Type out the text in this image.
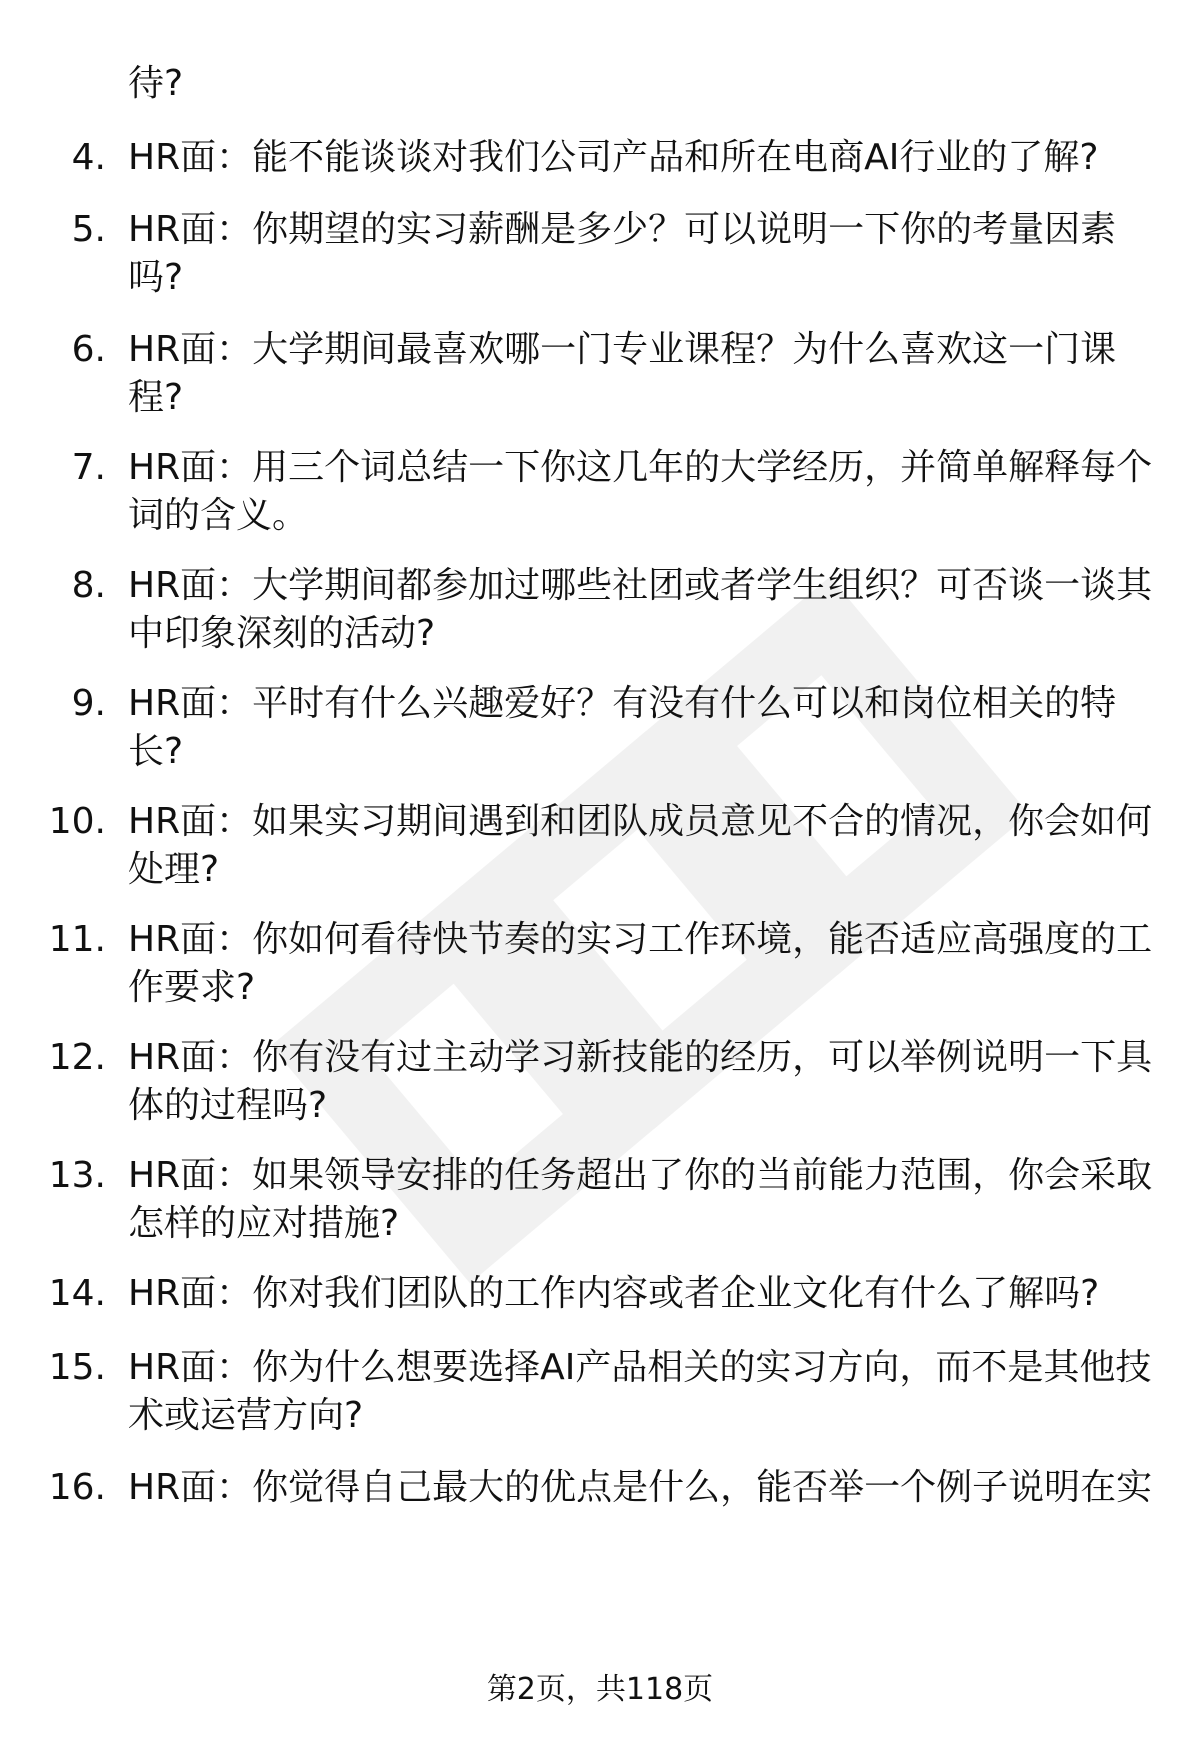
待?

4. HR面：能不能谈谈对我们公司产品和所在电商AI行业的了解?

5. HR面：你期望的实习薪酬是多少？可以说明一下你的考量因素吗?

6. HR面：大学期间最喜欢哪一门专业课程？为什么喜欢这一门课程?

7. HR面：用三个词总结一下你这几年的大学经历，并简单解释每个词的含义。

8. HR面：大学期间都参加过哪些社团或者学生组织？可否谈一谈其中印象深刻的活动?

9. HR面：平时有什么兴趣爱好？有没有什么可以和岗位相关的特长?

10. HR面：如果实习期间遇到和团队成员意见不合的情况，你会如何处理?

11. HR面：你如何看待快节奏的实习工作环境，能否适应高强度的工作要求?

12. HR面：你有没有过主动学习新技能的经历，可以举例说明一下具体的过程吗?

13. HR面：如果领导安排的任务超出了你的当前能力范围，你会采取怎样的应对措施?

14. HR面：你对我们团队的工作内容或者企业文化有什么了解吗?

15. HR面：你为什么想要选择AI产品相关的实习方向，而不是其他技术或运营方向?

16. HR面：你觉得自己最大的优点是什么，能否举一个例子说明在实

第2页，共118页
